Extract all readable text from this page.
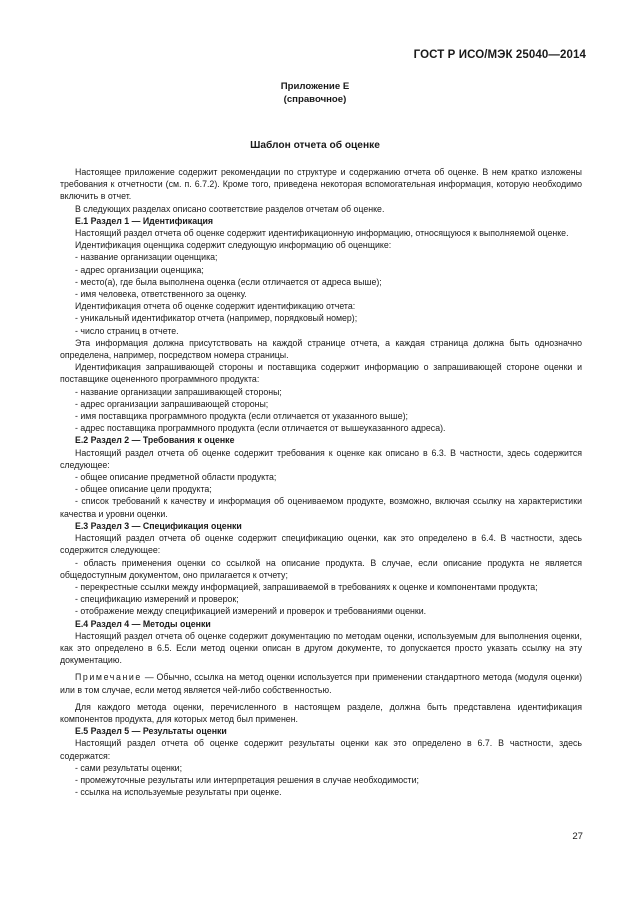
ГОСТ Р ИСО/МЭК 25040—2014
Приложение Е
(справочное)
Шаблон отчета об оценке

Настоящее приложение содержит рекомендации по структуре и содержанию отчета об оценке. В нем кратко изложены требования к отчетности (см. п. 6.7.2). Кроме того, приведена некоторая вспомогательная информация, которую необходимо включить в отчет.

В следующих разделах описано соответствие разделов отчетам об оценке.

Е.1 Раздел 1 — Идентификация

Настоящий раздел отчета об оценке содержит идентификационную информацию, относящуюся к выполняемой оценке.

Идентификация оценщика содержит следующую информацию об оценщике:

- название организации оценщика;

- адрес организации оценщика;

- место(а), где была выполнена оценка (если отличается от адреса выше);

- имя человека, ответственного за оценку.

Идентификация отчета об оценке содержит идентификацию отчета:

- уникальный идентификатор отчета (например, порядковый номер);

- число страниц в отчете.

Эта информация должна присутствовать на каждой странице отчета, а каждая страница должна быть однозначно определена, например, посредством номера страницы.

Идентификация запрашивающей стороны и поставщика содержит информацию о запрашивающей стороне оценки и поставщике оцененного программного продукта:

- название организации запрашивающей стороны;

- адрес организации запрашивающей стороны;

- имя поставщика программного продукта (если отличается от указанного выше);

- адрес поставщика программного продукта (если отличается от вышеуказанного адреса).

Е.2 Раздел 2 — Требования к оценке

Настоящий раздел отчета об оценке содержит требования к оценке как описано в 6.3. В частности, здесь содержится следующее:

- общее описание предметной области продукта;

- общее описание цели продукта;

- список требований к качеству и информация об оцениваемом продукте, возможно, включая ссылку на характеристики качества и уровни оценки.

Е.3 Раздел 3 — Спецификация оценки

Настоящий раздел отчета об оценке содержит спецификацию оценки, как это определено в 6.4. В частности, здесь содержится следующее:

- область применения оценки со ссылкой на описание продукта. В случае, если описание продукта не является общедоступным документом, оно прилагается к отчету;

- перекрестные ссылки между информацией, запрашиваемой в требованиях к оценке и компонентами продукта;

- спецификацию измерений и проверок;

- отображение между спецификацией измерений и проверок и требованиями оценки.

Е.4 Раздел 4 — Методы оценки

Настоящий раздел отчета об оценке содержит документацию по методам оценки, используемым для выполнения оценки, как это определено в 6.5. Если метод оценки описан в другом документе, то допускается просто указать ссылку на эту документацию.

Примечание — Обычно, ссылка на метод оценки используется при применении стандартного метода (модуля оценки) или в том случае, если метод является чей-либо собственностью.

Для каждого метода оценки, перечисленного в настоящем разделе, должна быть представлена идентификация компонентов продукта, для которых метод был применен.

Е.5 Раздел 5 — Результаты оценки

Настоящий раздел отчета об оценке содержит результаты оценки как это определено в 6.7. В частности, здесь содержатся:

- сами результаты оценки;

- промежуточные результаты или интерпретация решения в случае необходимости;

- ссылка на используемые результаты при оценке.

27
